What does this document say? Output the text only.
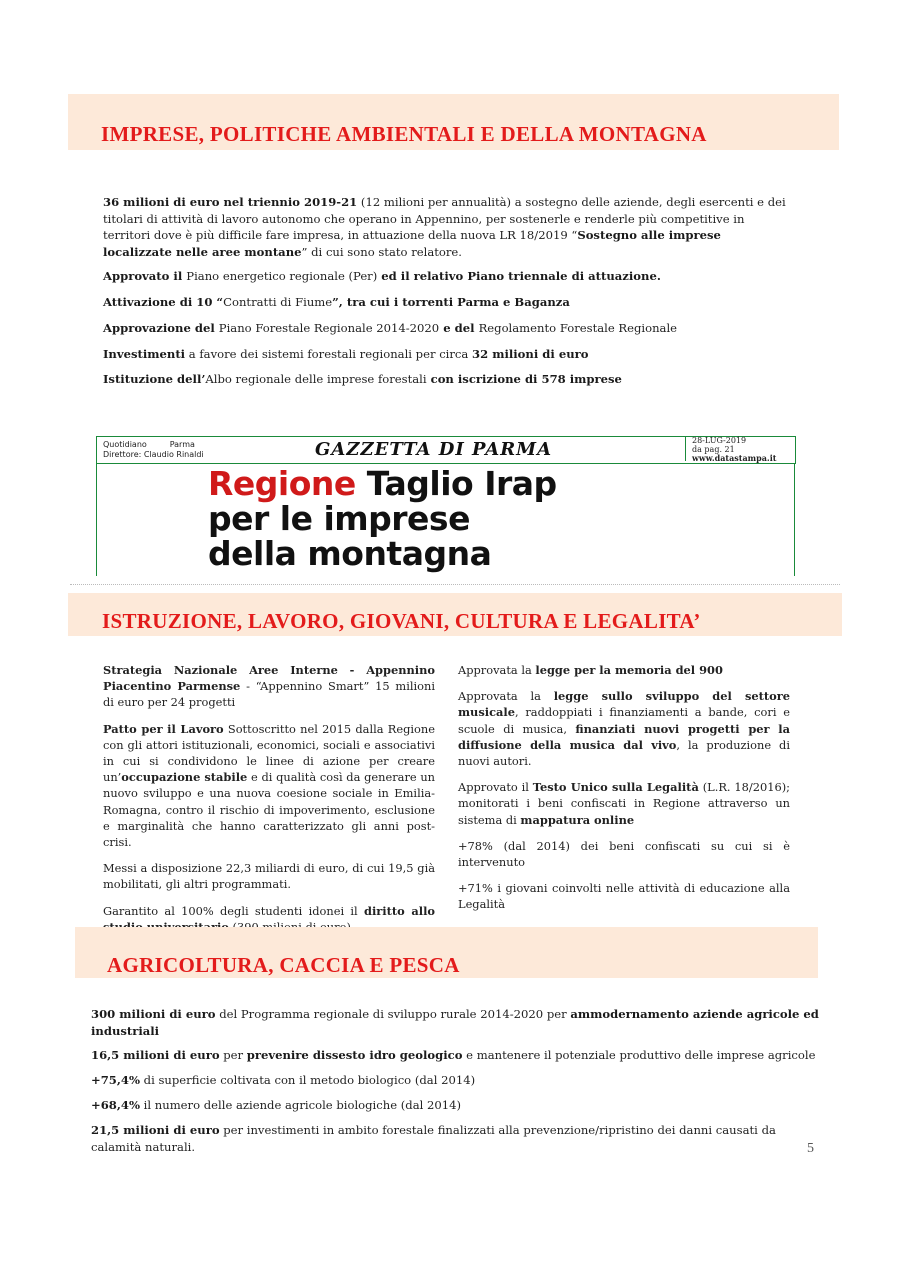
IMPRESE, POLITICHE AMBIENTALI E DELLA MONTAGNA

36 milioni di euro nel triennio 2019-21 (12 milioni per annualità) a sostegno delle aziende, degli esercenti e dei titolari di attività di lavoro autonomo che operano in Appennino, per sostenerle e renderle più competitive in territori dove è più difficile fare impresa, in attuazione della nuova LR 18/2019 “Sostegno alle imprese localizzate nelle aree montane” di cui sono stato relatore.

Approvato il Piano energetico regionale (Per) ed il relativo Piano triennale di attuazione.

Attivazione di 10 “Contratti di Fiume”, tra cui i torrenti Parma e Baganza

Approvazione del Piano Forestale Regionale 2014-2020 e del Regolamento Forestale Regionale

Investimenti a favore dei sistemi forestali regionali per circa 32 milioni di euro

Istituzione dell’Albo regionale delle imprese forestali con iscrizione di 578 imprese

Quotidiano	Parma
Direttore: Claudio Rinaldi	GAZZETTA DI PARMA	28-LUG-2019
da pag. 21
www.datastampa.it
Regione Taglio Irap
per le imprese
della montagna
ISTRUZIONE, LAVORO, GIOVANI, CULTURA E LEGALITA’

Strategia Nazionale Aree Interne - Appennino Piacentino Parmense - “Appennino Smart” 15 milioni di euro per 24 progetti

Patto per il Lavoro Sottoscritto nel 2015 dalla Regione con gli attori istituzionali, economici, sociali e associativi in cui si condividono le linee di azione per creare un’occupazione stabile e di qualità così da generare un nuovo sviluppo e una nuova coesione sociale in Emilia-Romagna, contro il rischio di impoverimento, esclusione e marginalità che hanno caratterizzato gli anni post-crisi.

Messi a disposizione 22,3 miliardi di euro, di cui 19,5 già mobilitati, gli altri programmati.

Garantito al 100% degli studenti idonei il diritto allo

Approvata la legge per la memoria del 900

Approvata la legge sullo sviluppo del settore musicale, raddoppiati i finanziamenti a bande, cori e scuole di musica, finanziati nuovi progetti per la diffusione della musica dal vivo, la produzione di nuovi autori.

Approvato il Testo Unico sulla Legalità (L.R. 18/2016); monitorati i beni confiscati in Regione attraverso un sistema di mappatura online

+78% (dal 2014) dei beni confiscati su cui si è intervenuto

+71% i giovani coinvolti nelle attività di educazione alla Legalità

AGRICOLTURA, CACCIA E PESCA

300 milioni di euro del Programma regionale di sviluppo rurale 2014-2020 per ammodernamento aziende agricole ed industriali

16,5 milioni di euro per prevenire dissesto idro geologico e mantenere il potenziale produttivo delle imprese agricole

+75,4% di superficie coltivata con il metodo biologico (dal 2014)

+68,4% il numero delle aziende agricole biologiche (dal 2014)

21,5 milioni di euro per investimenti in ambito forestale finalizzati alla prevenzione/ripristino dei danni causati da calamità naturali.	5
